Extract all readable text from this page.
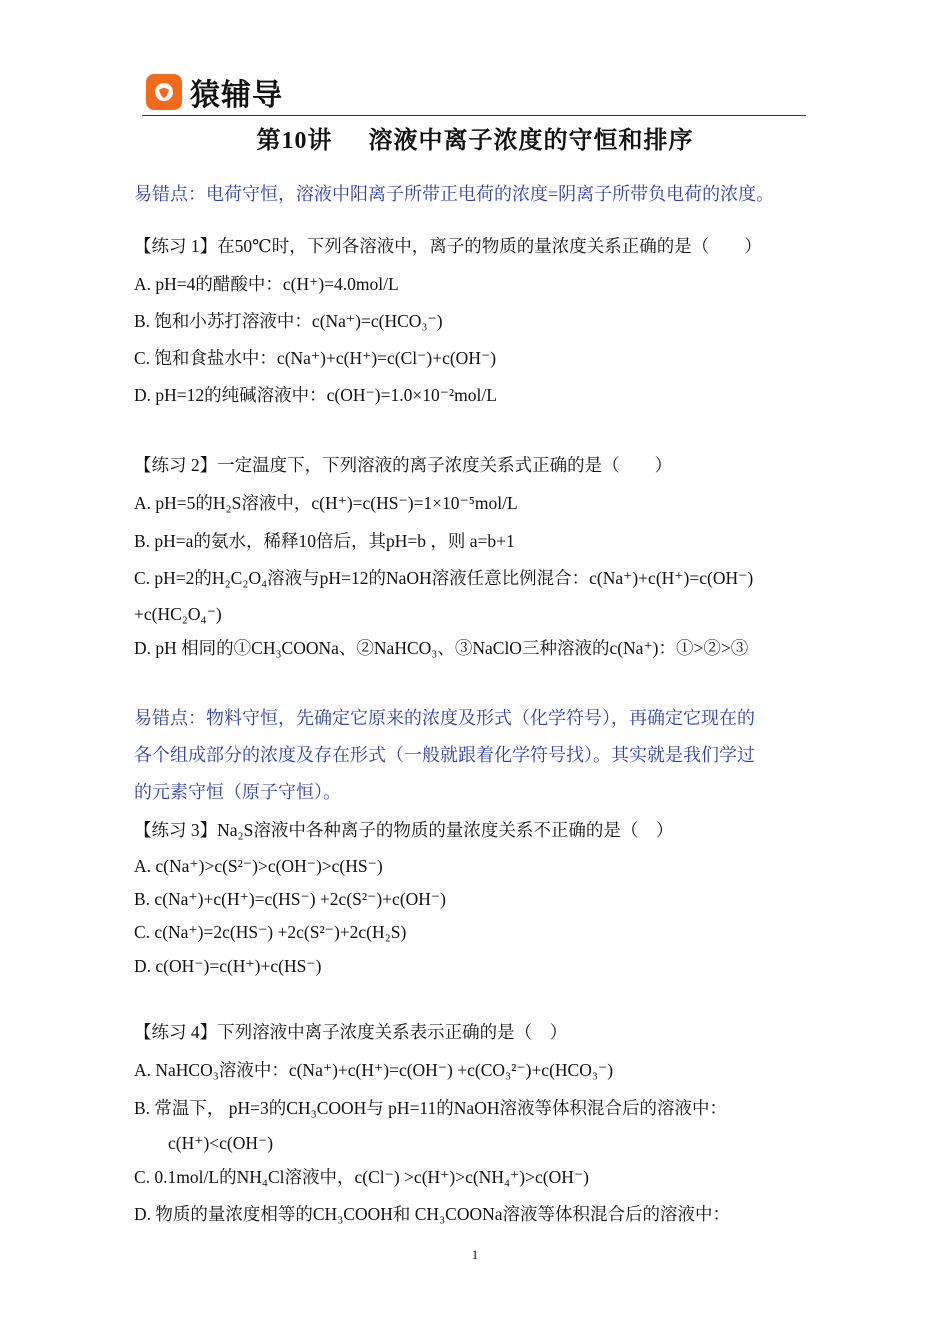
猿辅导
第10讲 溶液中离子浓度的守恒和排序
易错点：电荷守恒，溶液中阳离子所带正电荷的浓度=阴离子所带负电荷的浓度。
【练习 1】在50℃时，下列各溶液中，离子的物质的量浓度关系正确的是（　　）
A. pH=4的醋酸中：c(H⁺)=4.0mol/L
B. 饱和小苏打溶液中：c(Na⁺)=c(HCO₃⁻)
C. 饱和食盐水中：c(Na⁺)+c(H⁺)=c(Cl⁻)+c(OH⁻)
D. pH=12的纯碱溶液中：c(OH⁻)=1.0×10⁻²mol/L
【练习 2】一定温度下，下列溶液的离子浓度关系式正确的是（　　）
A. pH=5的H₂S溶液中，c(H⁺)=c(HS⁻)=1×10⁻⁵mol/L
B. pH=a的氨水，稀释10倍后，其pH=b ，则 a=b+1
C. pH=2的H₂C₂O₄溶液与pH=12的NaOH溶液任意比例混合：c(Na⁺)+c(H⁺)=c(OH⁻)
+c(HC₂O₄⁻)
D. pH 相同的①CH₃COONa、②NaHCO₃、③NaClO三种溶液的c(Na⁺)：①>②>③
易错点：物料守恒，先确定它原来的浓度及形式（化学符号），再确定它现在的
各个组成部分的浓度及存在形式（一般就跟着化学符号找）。其实就是我们学过
的元素守恒（原子守恒）。
【练习 3】Na₂S溶液中各种离子的物质的量浓度关系不正确的是（　）
A. c(Na⁺)>c(S²⁻)>c(OH⁻)>c(HS⁻)
B. c(Na⁺)+c(H⁺)=c(HS⁻) +2c(S²⁻)+c(OH⁻)
C. c(Na⁺)=2c(HS⁻) +2c(S²⁻)+2c(H₂S)
D. c(OH⁻)=c(H⁺)+c(HS⁻)
【练习 4】下列溶液中离子浓度关系表示正确的是（　）
A. NaHCO₃溶液中：c(Na⁺)+c(H⁺)=c(OH⁻) +c(CO₃²⁻)+c(HCO₃⁻)
B. 常温下， pH=3的CH₃COOH与 pH=11的NaOH溶液等体积混合后的溶液中：
c(H⁺)<c(OH⁻)
C. 0.1mol/L的NH₄Cl溶液中，c(Cl⁻) >c(H⁺)>c(NH₄⁺)>c(OH⁻)
D. 物质的量浓度相等的CH₃COOH和 CH₃COONa溶液等体积混合后的溶液中：
1
